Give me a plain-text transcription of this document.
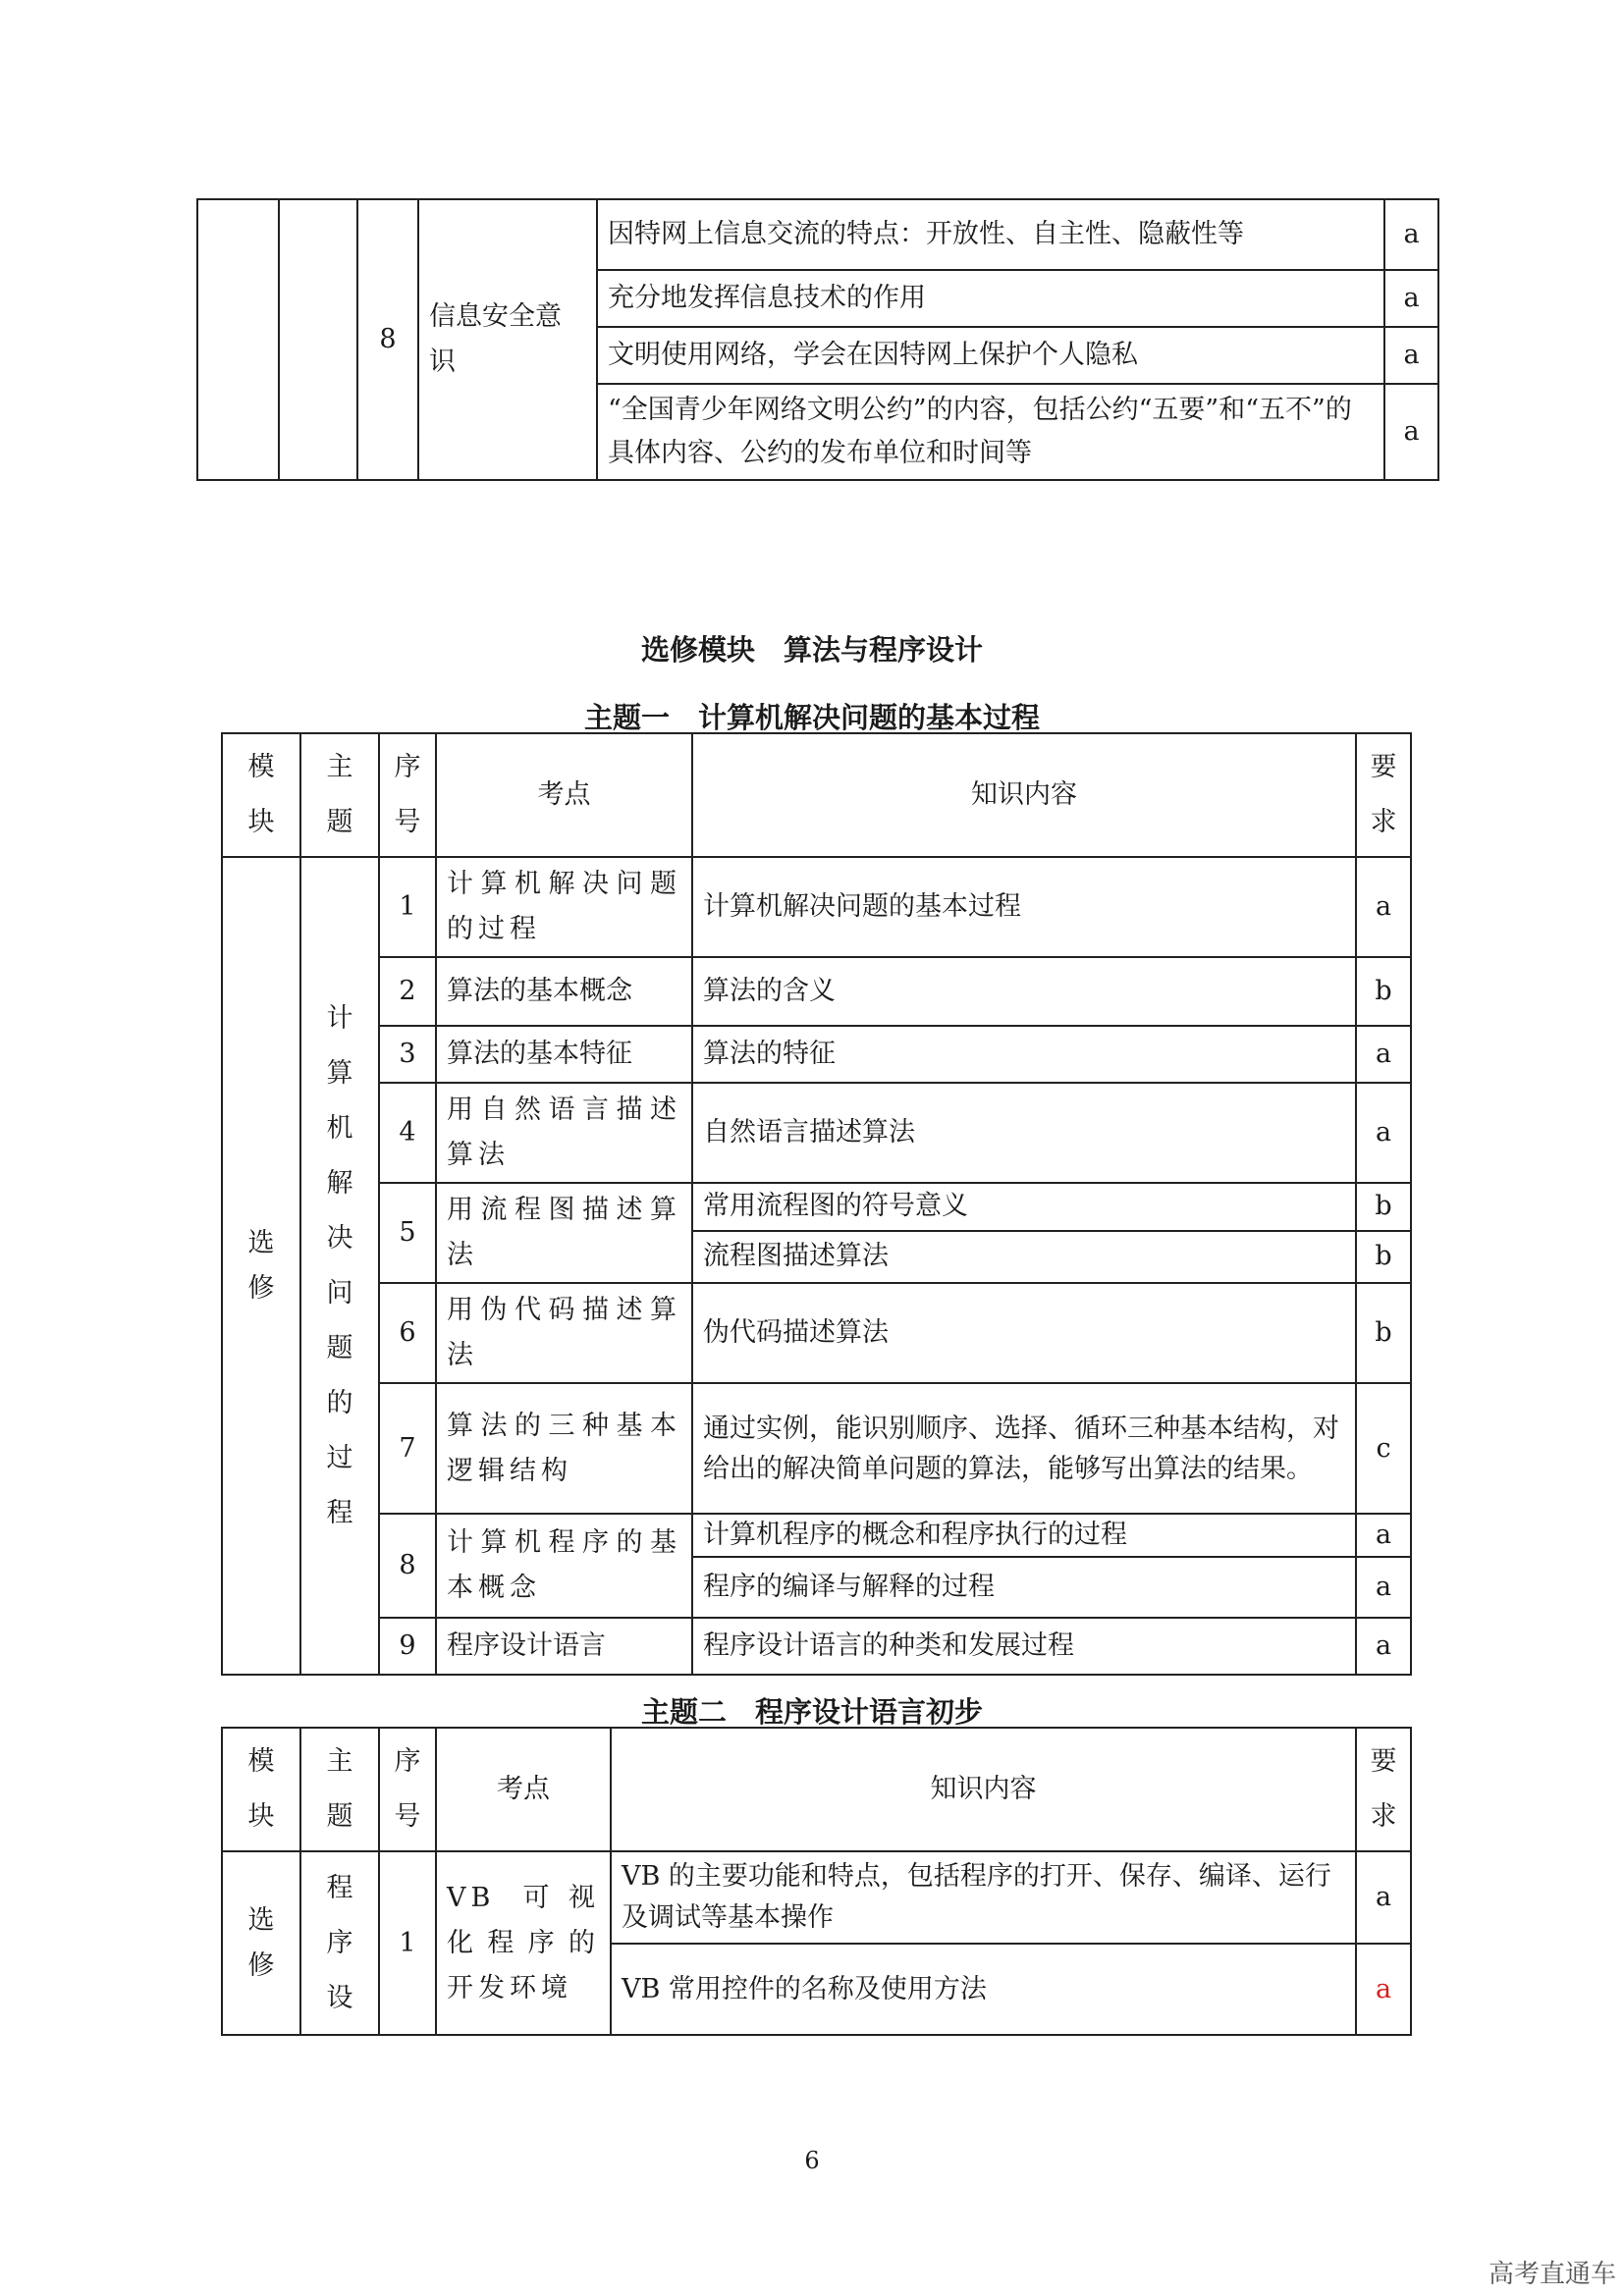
		8	信息安全意识	因特网上信息交流的特点：开放性、自主性、隐蔽性等	a
				充分地发挥信息技术的作用	a
				文明使用网络，学会在因特网上保护个人隐私	a
				“全国青少年网络文明公约”的内容，包括公约“五要”和“五不”的具体内容、公约的发布单位和时间等	a
选修模块　算法与程序设计
主题一　计算机解决问题的基本过程
模块	主题	序号	考点	知识内容	要求

选修	计算机解决问题的过程	1	计算机解决问题的过程	计算机解决问题的基本过程	a
		2	算法的基本概念	算法的含义	b
		3	算法的基本特征	算法的特征	a
		4	用自然语言描述算法	自然语言描述算法	a
		5	用流程图描述算法	常用流程图的符号意义	b
				流程图描述算法	b
		6	用伪代码描述算法	伪代码描述算法	b
		7	算法的三种基本逻辑结构	通过实例，能识别顺序、选择、循环三种基本结构，对给出的解决简单问题的算法，能够写出算法的结果。	c
		8	计算机程序的基本概念	计算机程序的概念和程序执行的过程	a
				程序的编译与解释的过程	a
		9	程序设计语言	程序设计语言的种类和发展过程	a
主题二　程序设计语言初步
模块	主题	序号	考点	知识内容	要求

选修	程序设	1	VB 可视化程序的开发环境	VB 的主要功能和特点，包括程序的打开、保存、编译、运行及调试等基本操作	a
				VB 常用控件的名称及使用方法	a
6
高考直通车
